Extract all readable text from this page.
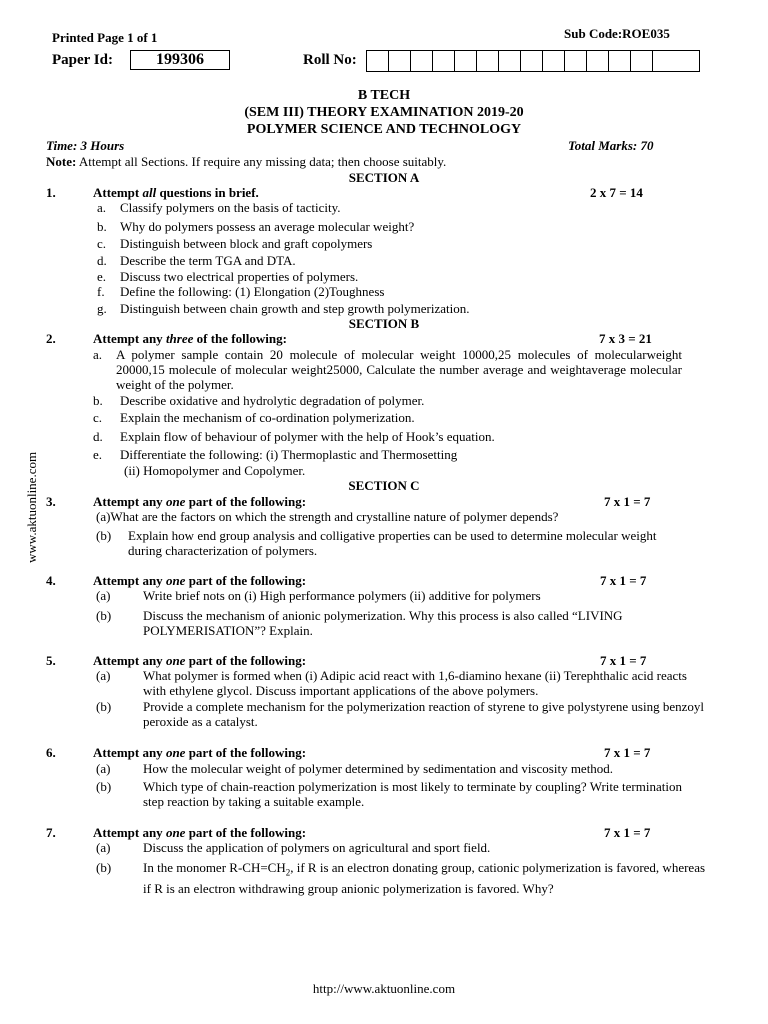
Printed Page 1 of 1	Sub Code:ROE035
Paper Id:	199306	Roll No:
B TECH
(SEM III) THEORY EXAMINATION 2019-20
POLYMER SCIENCE AND TECHNOLOGY
Time: 3 Hours	Total Marks: 70
Note: Attempt all Sections. If require any missing data; then choose suitably.
www.aktuonline.com
SECTION A
1.	Attempt all questions in brief.	2 x 7 = 14
a. Classify polymers on the basis of tacticity.
b. Why do polymers possess an average molecular weight?
c. Distinguish between block and graft copolymers
d. Describe the term TGA and DTA.
e. Discuss two electrical properties of polymers.
f. Define the following: (1) Elongation (2)Toughness
g. Distinguish between chain growth and step growth polymerization.
SECTION B
2.	Attempt any three of the following:	7 x 3 = 21
a. A polymer sample contain 20 molecule of molecular weight 10000,25 molecules of molecularweight 20000,15 molecule of molecular weight25000, Calculate the number average and weightaverage molecular weight of the polymer.
b. Describe oxidative and hydrolytic degradation of polymer.
c. Explain the mechanism of co-ordination polymerization.
d. Explain flow of behaviour of polymer with the help of Hook’s equation.
e. Differentiate the following: (i) Thermoplastic and Thermosetting
(ii) Homopolymer and Copolymer.
SECTION C
3.	Attempt any one part of the following:	7 x 1 = 7
(a)What are the factors on which the strength and crystalline nature of polymer depends?
(b) Explain how end group analysis and colligative properties can be used to determine molecular weight during characterization of polymers.
4.	Attempt any one part of the following:	7 x 1 = 7
(a)	Write brief nots on (i) High performance polymers (ii) additive for polymers
(b) Discuss the mechanism of anionic polymerization. Why this process is also called “LIVING POLYMERISATION”? Explain.
5.	Attempt any one part of the following:	7 x 1 = 7
(a)	What polymer is formed when (i) Adipic acid react with 1,6-diamino hexane (ii) Terephthalic acid reacts with ethylene glycol. Discuss important applications of the above polymers.
(b) Provide a complete mechanism for the polymerization reaction of styrene to give polystyrene using benzoyl peroxide as a catalyst.
6.	Attempt any one part of the following:	7 x 1 = 7
(a)	How the molecular weight of polymer determined by sedimentation and viscosity method.
(b) Which type of chain-reaction polymerization is most likely to terminate by coupling? Write termination step reaction by taking a suitable example.
7.	Attempt any one part of the following:	7 x 1 = 7
(a)	Discuss the application of polymers on agricultural and sport field.
(b) In the monomer $R-CH=CH_2$, if R is an electron donating group, cationic polymerization is favored, whereas if R is an electron withdrawing group anionic polymerization is favored. Why?
http://www.aktuonline.com
